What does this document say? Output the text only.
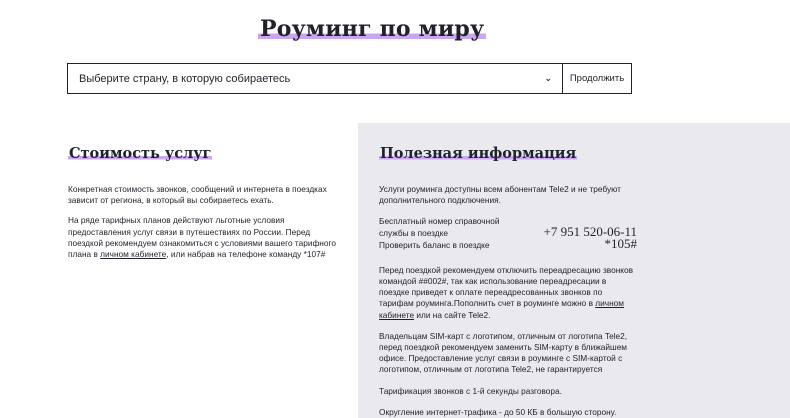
Роуминг по миру
Выберите страну, в которую собираетесь	⌄	Продолжить
Стоимость услуг

Конкретная стоимость звонков, сообщений и интернета в поездках зависит от региона, в который вы собираетесь ехать.

На ряде тарифных планов действуют льготные условия предоставления услуг связи в путешествиях по России. Перед поездкой рекомендуем ознакомиться с условиями вашего тарифного плана в личном кабинете, или набрав на телефоне команду *107#

Полезная информация

Услуги роуминга доступны всем абонентам Tele2 и не требуют дополнительного подключения.

Бесплатный номер справочной службы в поездке	+7 951 520-06-11
Проверить баланс в поездке	*105#

Перед поездкой рекомендуем отключить переадресацию звонков командой ##002#, так как использование переадресации в поездке приведет к оплате переадресованных звонков по тарифам роуминга.Пополнить счет в роуминге можно в личном кабинете или на сайте Tele2.

Владельцам SIM-карт с логотипом, отличным от логотипа Tele2, перед поездкой рекомендуем заменить SIM-карту в ближайшем офисе. Предоставление услуг связи в роуминге с SIM-картой с логотипом, отличным от логотипа Tele2, не гарантируется

Тарификация звонков с 1-й секунды разговора.

Округление интернет-трафика - до 50 КБ в большую сторону.
